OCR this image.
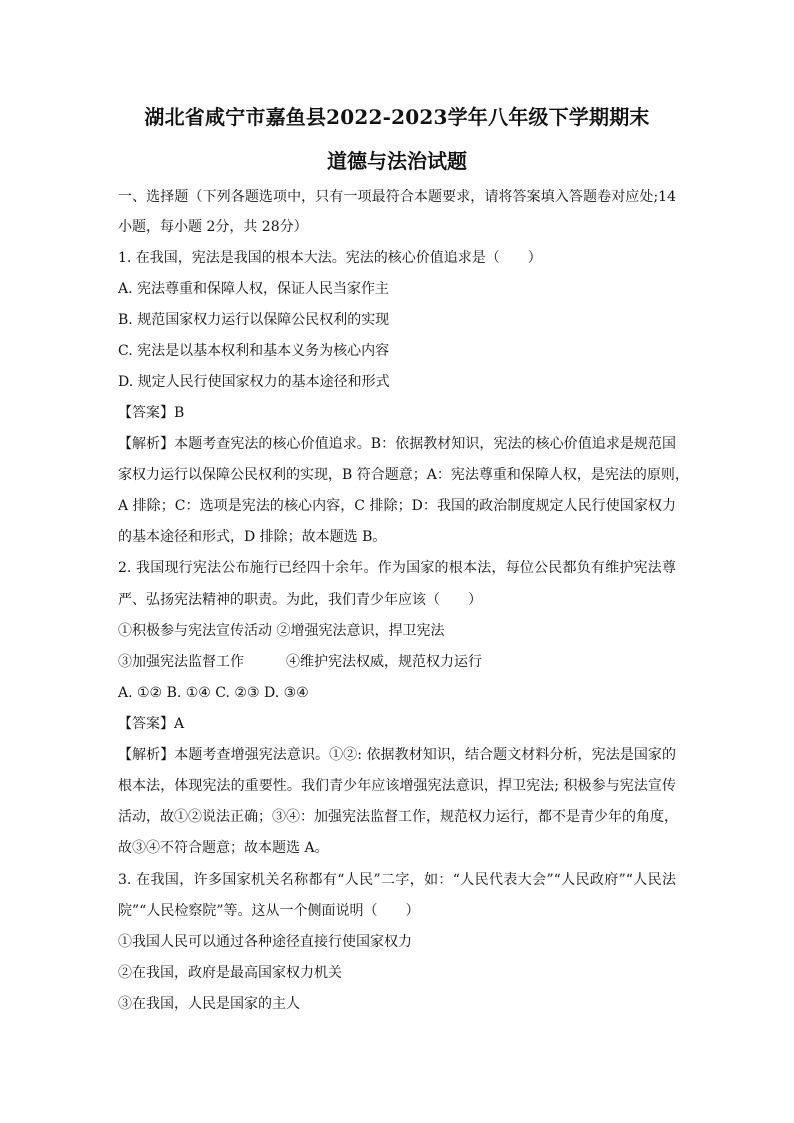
湖北省咸宁市嘉鱼县2022-2023学年八年级下学期期末
道德与法治试题
一、选择题（下列各题选项中，只有一项最符合本题要求，请将答案填入答题卷对应处;14
小题，每小题 2分，共 28分）
1. 在我国，宪法是我国的根本大法。宪法的核心价值追求是（　　）
A. 宪法尊重和保障人权，保证人民当家作主
B. 规范国家权力运行以保障公民权利的实现
C. 宪法是以基本权利和基本义务为核心内容
D. 规定人民行使国家权力的基本途径和形式
【答案】B
【解析】本题考查宪法的核心价值追求。B：依据教材知识，宪法的核心价值追求是规范国
家权力运行以保障公民权利的实现，B 符合题意；A：宪法尊重和保障人权，是宪法的原则，
A 排除；C：选项是宪法的核心内容，C 排除；D：我国的政治制度规定人民行使国家权力
的基本途径和形式，D 排除；故本题选 B。
2. 我国现行宪法公布施行已经四十余年。作为国家的根本法，每位公民都负有维护宪法尊
严、弘扬宪法精神的职责。为此，我们青少年应该（　　）
①积极参与宪法宣传活动 ②增强宪法意识，捍卫宪法
③加强宪法监督工作　　　④维护宪法权威，规范权力运行
A. ①② B. ①④ C. ②③ D. ③④
【答案】A
【解析】本题考查增强宪法意识。①②: 依据教材知识，结合题文材料分析，宪法是国家的
根本法，体现宪法的重要性。我们青少年应该增强宪法意识，捍卫宪法; 积极参与宪法宣传
活动，故①②说法正确；③④：加强宪法监督工作，规范权力运行，都不是青少年的角度，
故③④不符合题意；故本题选 A。
3. 在我国，许多国家机关名称都有“人民”二字，如：“人民代表大会”“人民政府”“人民法
院”“人民检察院”等。这从一个侧面说明（　　）
①我国人民可以通过各种途径直接行使国家权力
②在我国，政府是最高国家权力机关
③在我国，人民是国家的主人
